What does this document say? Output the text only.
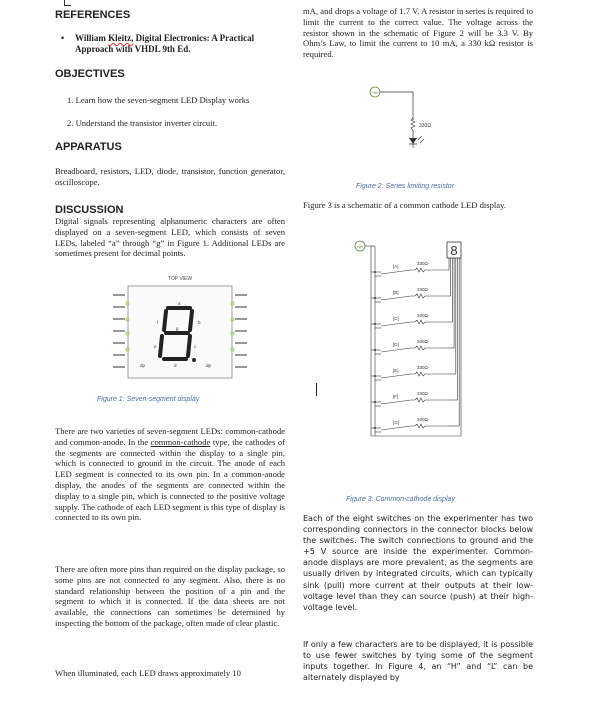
REFERENCES
•	William Kleitz, Digital Electronics: A Practical Approach with VHDL 9th Ed.
OBJECTIVES
1. Learn how the seven-segment LED Display works
2. Understand the transistor inverter circuit.
APPARATUS

Breadboard, resistors, LED, diode, transistor, function generator, oscilloscope.

DISCUSSION

Digital signals representing alphanumeric characters are often displayed on a seven-segment LED, which consists of seven LEDs, labeled “a” through “g” in Figure 1. Additional LEDs are sometimes present for decimal points.

TOP VIEW
a
b
c
d
e
f
g
dp	dp
Figure 1: Seven-segment display

There are two varieties of seven-segment LEDs: common-cathode and common-anode. In the common-cathode type, the cathodes of the segments are connected within the display to a single pin, which is connected to ground in the circuit. The anode of each LED segment is connected to its own pin. In a common-anode display, the anodes of the segments are connected within the display to a single pin, which is connected to the positive voltage supply. The cathode of each LED segment is this type of display is connected to its own pin.

There are often more pins than required on the display package, so some pins are not connected to any segment. Also, there is no standard relationship between the position of a pin and the segment to which it is connected. If the data sheets are not available, the connections can sometimes be determined by inspecting the bottom of the package, often made of clear plastic.

When illuminated, each LED draws approximately 10

mA, and drops a voltage of 1.7 V. A resistor in series is required to limit the current to the correct value. The voltage across the resistor shown in the schematic of Figure 2 will be 3.3 V. By Ohm’s Law, to limit the current to 10 mA, a 330 kΩ resistor is required.

+5V
330Ω
Figure 2: Series limiting resistor

Figure 3 is a schematic of a common cathode LED display.

+5V	8
[A]
330Ω
[B]
330Ω
[C]
330Ω
[D]
330Ω
[E]
330Ω
[F]
330Ω
[G]
330Ω
Figure 3: Common-cathode display

Each of the eight switches on the experimenter has two corresponding connectors in the connector blocks below the switches. The switch connections to ground and the +5 V source are inside the experimenter. Common-anode displays are more prevalent, as the segments are usually driven by integrated circuits, which can typically sink (pull) more current at their outputs at their low-voltage level than they can source (push) at their high-voltage level.

If only a few characters are to be displayed, it is possible to use fewer switches by tying some of the segment inputs together. In Figure 4, an “H” and “L” can be alternately displayed by
